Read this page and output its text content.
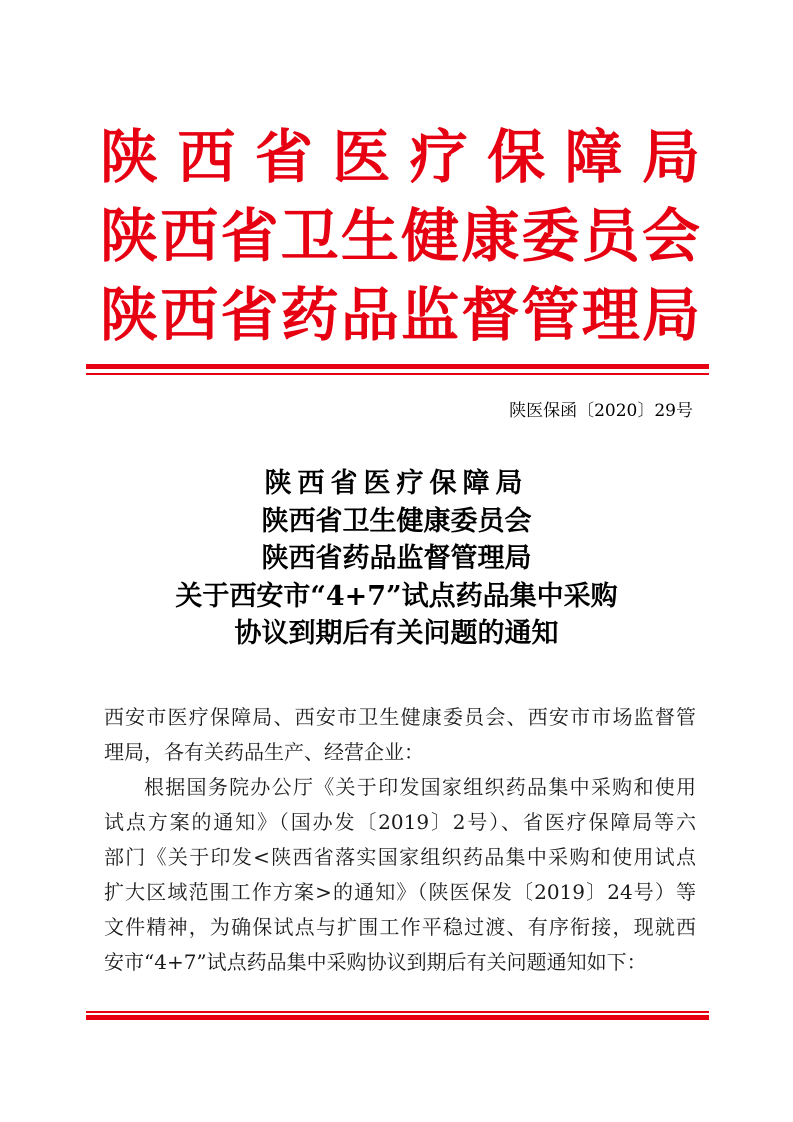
陕西省医疗保障局
陕西省卫生健康委员会
陕西省药品监督管理局
陕医保函〔2020〕29号
陕西省医疗保障局
陕西省卫生健康委员会
陕西省药品监督管理局
关于西安市“4+7”试点药品集中采购
协议到期后有关问题的通知
西安市医疗保障局、西安市卫生健康委员会、西安市市场监督管
理局，各有关药品生产、经营企业：
根据国务院办公厅《关于印发国家组织药品集中采购和使用
试点方案的通知》（国办发〔2019〕2号）、省医疗保障局等六
部门《关于印发<陕西省落实国家组织药品集中采购和使用试点
扩大区域范围工作方案>的通知》（陕医保发〔2019〕24号）等
文件精神，为确保试点与扩围工作平稳过渡、有序衔接，现就西
安市“4+7”试点药品集中采购协议到期后有关问题通知如下：
